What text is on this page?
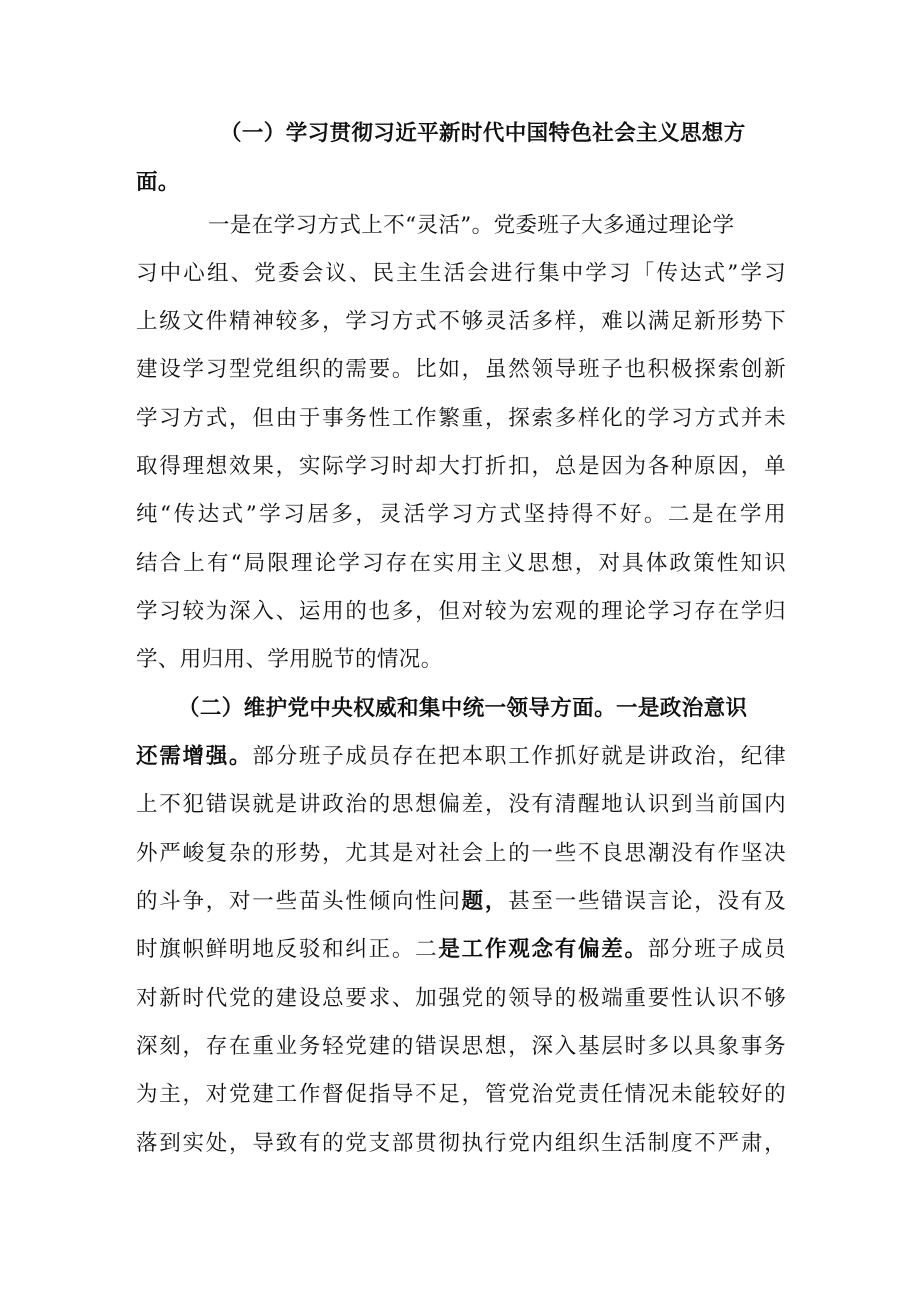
（一）学习贯彻习近平新时代中国特色社会主义思想方
面。
一是在学习方式上不“灵活”。党委班子大多通过理论学
习中心组、党委会议、民主生活会进行集中学习「传达式”学习
上级文件精神较多，学习方式不够灵活多样，难以满足新形势下
建设学习型党组织的需要。比如，虽然领导班子也积极探索创新
学习方式，但由于事务性工作繁重，探索多样化的学习方式并未
取得理想效果，实际学习时却大打折扣，总是因为各种原因，单
纯“传达式”学习居多，灵活学习方式坚持得不好。二是在学用
结合上有“局限理论学习存在实用主义思想，对具体政策性知识
学习较为深入、运用的也多，但对较为宏观的理论学习存在学归
学、用归用、学用脱节的情况。
（二）维护党中央权威和集中统一领导方面。一是政治意识
还需增强。部分班子成员存在把本职工作抓好就是讲政治，纪律
上不犯错误就是讲政治的思想偏差，没有清醒地认识到当前国内
外严峻复杂的形势，尤其是对社会上的一些不良思潮没有作坚决
的斗争，对一些苗头性倾向性问题，甚至一些错误言论，没有及
时旗帜鲜明地反驳和纠正。二是工作观念有偏差。部分班子成员
对新时代党的建设总要求、加强党的领导的极端重要性认识不够
深刻，存在重业务轻党建的错误思想，深入基层时多以具象事务
为主，对党建工作督促指导不足，管党治党责任情况未能较好的
落到实处，导致有的党支部贯彻执行党内组织生活制度不严肃，
